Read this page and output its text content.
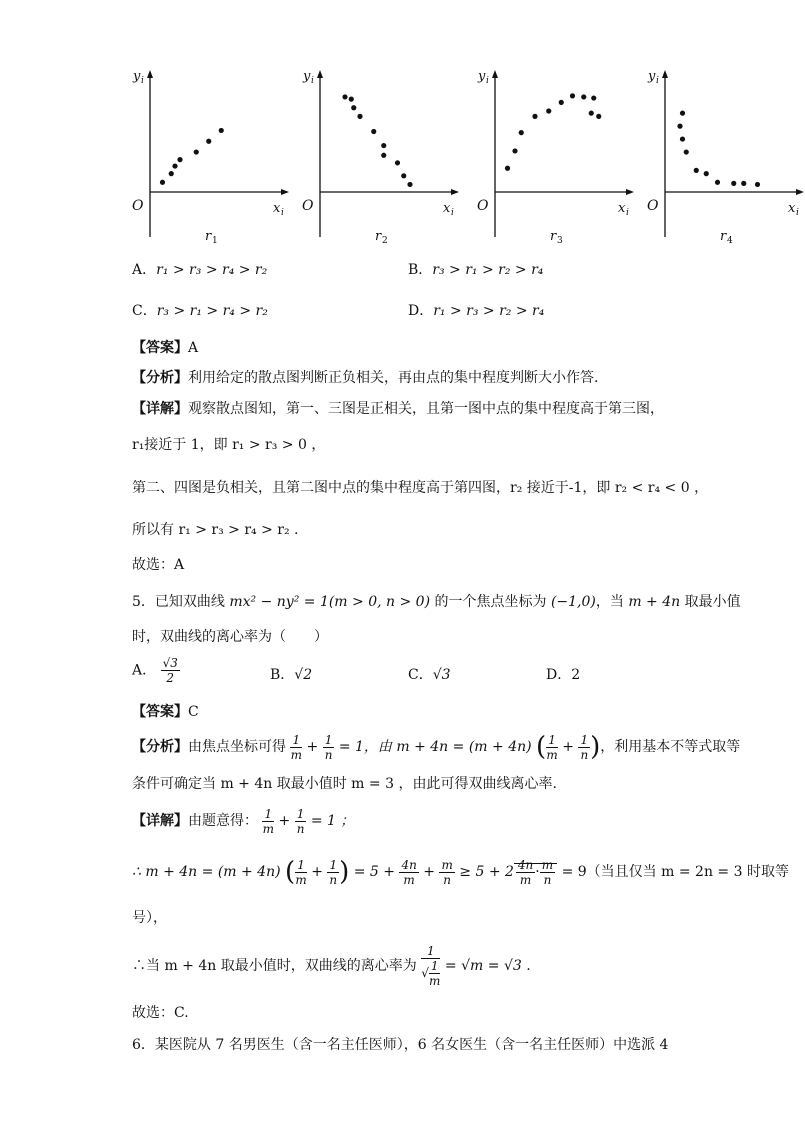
y i
O	x i
r 1
y i
O	x i
r 2
y i
O	x i
r 3
y i
O	x i
r 4
A．r₁ > r₃ > r₄ > r₂	B．r₃ > r₁ > r₂ > r₄
C．r₃ > r₁ > r₄ > r₂	D．r₁ > r₃ > r₂ > r₄
【答案】A
【分析】利用给定的散点图判断正负相关，再由点的集中程度判断大小作答.
【详解】观察散点图知，第一、三图是正相关，且第一图中点的集中程度高于第三图，
r₁接近于 1，即 r₁ > r₃ > 0 ，
第二、四图是负相关，且第二图中点的集中程度高于第四图，r₂ 接近于-1，即 r₂ < r₄ < 0 ，
所以有 r₁ > r₃ > r₄ > r₂ .
故选：A
5．已知双曲线 mx² − ny² = 1(m > 0, n > 0) 的一个焦点坐标为 (−1,0)，当 m + 4n 取最小值
时，双曲线的离心率为（　　）
A． $\frac{√3}{2}$	B．√2	C．√3	D．2
【答案】C
【分析】由焦点坐标可得 $\frac{1}{m} + \frac{1}{n} = 1$，由 m + 4n = (m + 4n) ( $\frac{1}{m} + \frac{1}{n}$ )，利用基本不等式取等
条件可确定当 m + 4n 取最小值时 m = 3 ，由此可得双曲线离心率.
【详解】由题意得： $\frac{1}{m} + \frac{1}{n} = 1$ ；
∴ m + 4n = (m + 4n) ( $\frac{1}{m} + \frac{1}{n}$ ) = $5 + \frac{4n}{m} + \frac{m}{n} \ge 5 + 2 \frac{4n}{m} \cdot \frac{m}{n} = 9$（当且仅当 m = 2n = 3 时取等
号），
∴当 m + 4n 取最小值时，双曲线的离心率为 $\frac{1}{√ \frac{1}{m}} = √m = √3$ .
故选：C.
6．某医院从 7 名男医生（含一名主任医师），6 名女医生（含一名主任医师）中选派 4
